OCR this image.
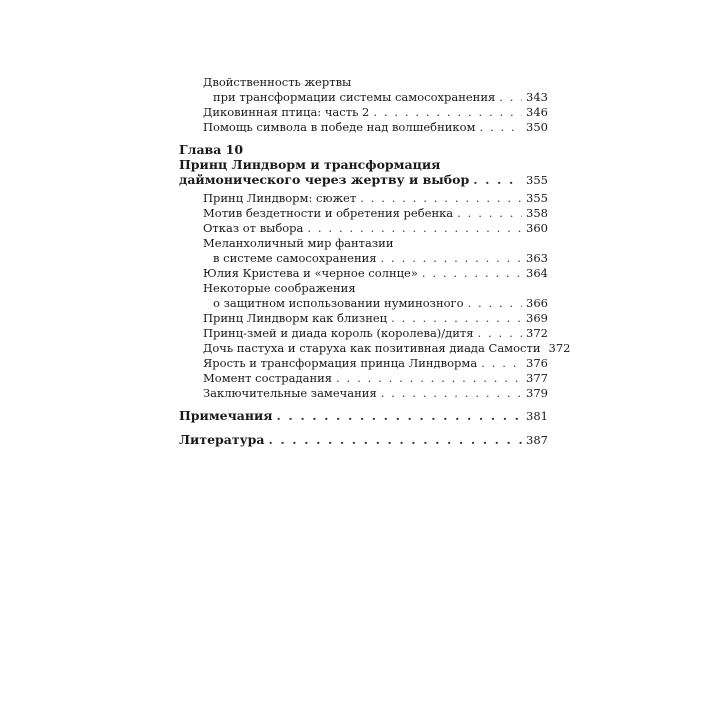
Двойственность жертвы
при трансформации системы самосохранения . . .	343
Диковинная птица: часть 2 . . .	346
Помощь символа в победе над волшебником . . .	350
Глава 10
Принц Линдворм и трансформация
даймонического через жертву и выбор . . .	355
Принц Линдворм: сюжет . . .	355
Мотив бездетности и обретения ребенка . . .	358
Отказ от выбора . . .	360
Меланхоличный мир фантазии
в системе самосохранения . . .	363
Юлия Кристева и «черное солнце» . . .	364
Некоторые соображения
о защитном использовании нуминозного . . .	366
Принц Линдворм как близнец . . .	369
Принц-змей и диада король (королева)/дитя . . .	372
Дочь пастуха и старуха как позитивная диада Самости 372
Ярость и трансформация принца Линдворма . . .	376
Момент сострадания . . .	377
Заключительные замечания . . .	379
Примечания . . .	381
Литература . . .	387
